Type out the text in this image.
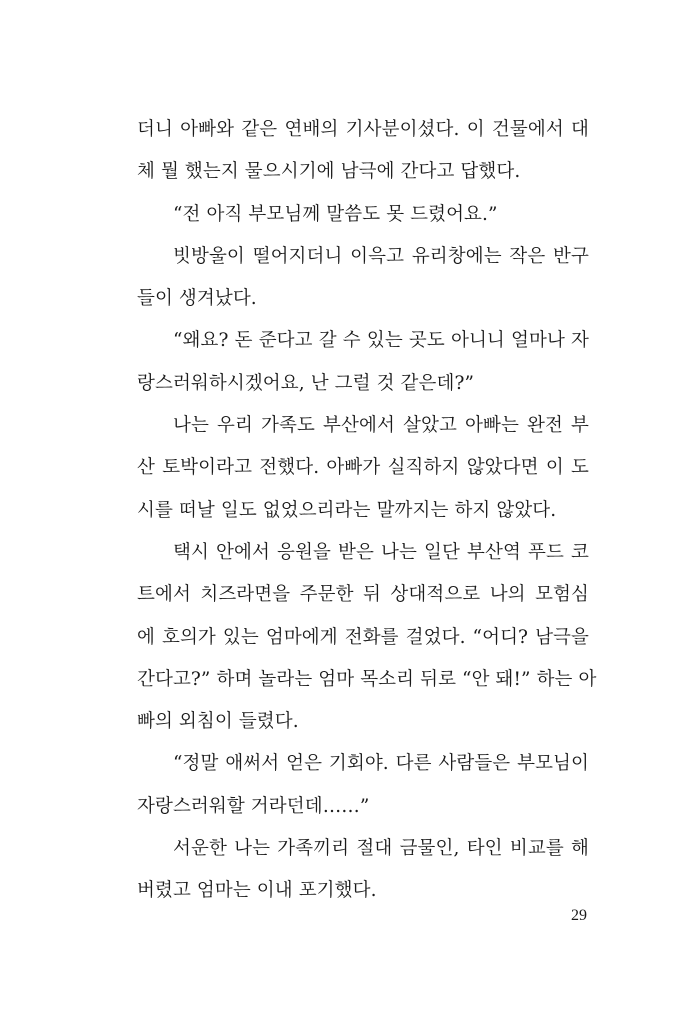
더니 아빠와 같은 연배의 기사분이셨다. 이 건물에서 대
체 뭘 했는지 물으시기에 남극에 간다고 답했다.
“전 아직 부모님께 말씀도 못 드렸어요.”
빗방울이 떨어지더니 이윽고 유리창에는 작은 반구
들이 생겨났다.
“왜요? 돈 준다고 갈 수 있는 곳도 아니니 얼마나 자
랑스러워하시겠어요, 난 그럴 것 같은데?”
나는 우리 가족도 부산에서 살았고 아빠는 완전 부
산 토박이라고 전했다. 아빠가 실직하지 않았다면 이 도
시를 떠날 일도 없었으리라는 말까지는 하지 않았다.
택시 안에서 응원을 받은 나는 일단 부산역 푸드 코
트에서 치즈라면을 주문한 뒤 상대적으로 나의 모험심
에 호의가 있는 엄마에게 전화를 걸었다. “어디? 남극을
간다고?” 하며 놀라는 엄마 목소리 뒤로 “안 돼!” 하는 아
빠의 외침이 들렸다.
“정말 애써서 얻은 기회야. 다른 사람들은 부모님이
자랑스러워할 거라던데……”
서운한 나는 가족끼리 절대 금물인, 타인 비교를 해
버렸고 엄마는 이내 포기했다.
29
